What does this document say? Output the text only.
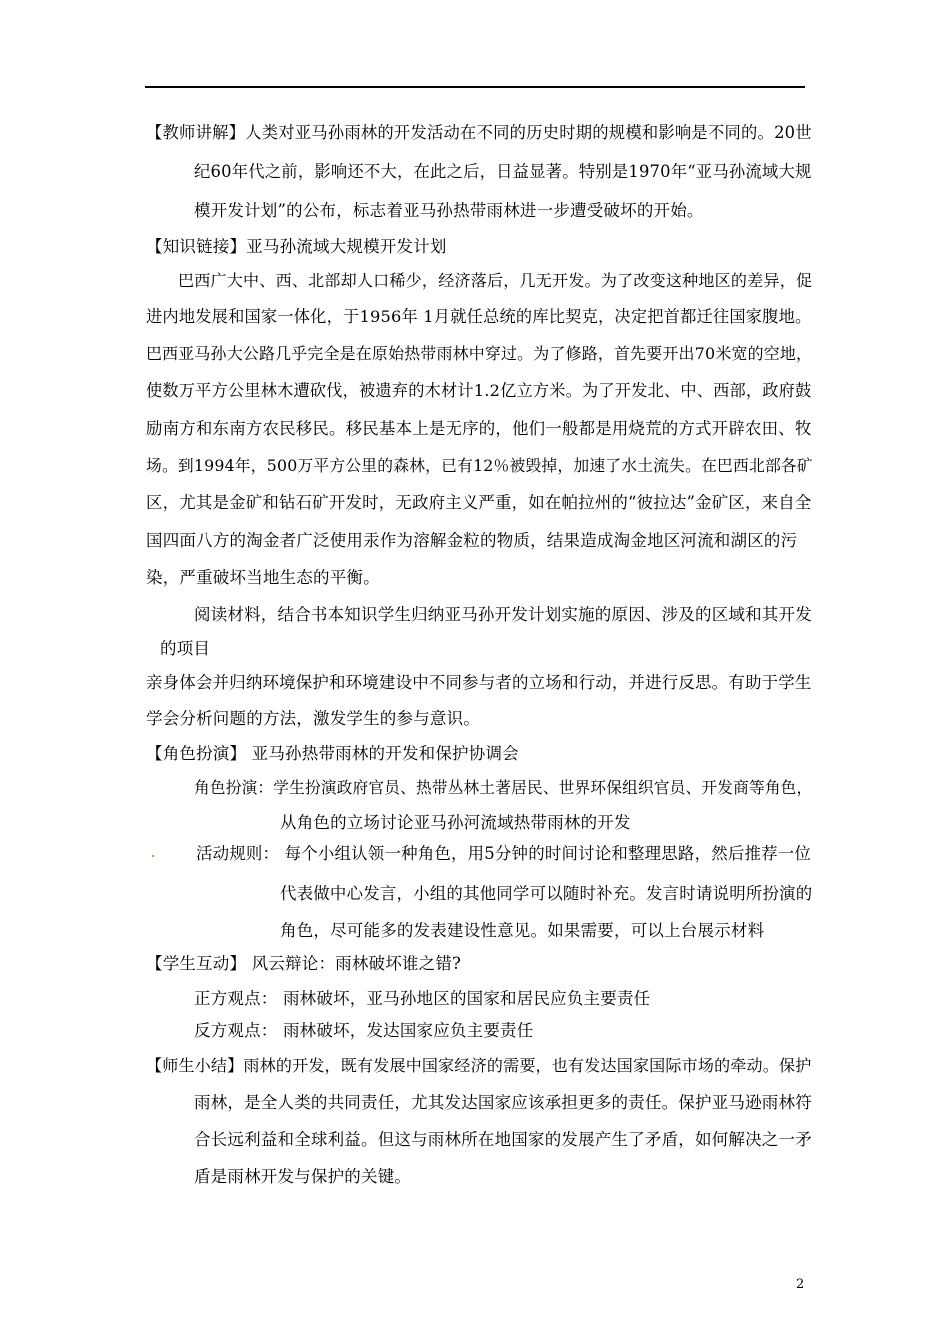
【教师讲解】人类对亚马孙雨林的开发活动在不同的历史时期的规模和影响是不同的。20世
纪60年代之前，影响还不大，在此之后，日益显著。特别是1970年“亚马孙流域大规
模开发计划”的公布，标志着亚马孙热带雨林进一步遭受破坏的开始。
【知识链接】亚马孙流域大规模开发计划
巴西广大中、西、北部却人口稀少，经济落后，几无开发。为了改变这种地区的差异，促
进内地发展和国家一体化，于1956年 1月就任总统的库比契克，决定把首都迁往国家腹地。
巴西亚马孙大公路几乎完全是在原始热带雨林中穿过。为了修路，首先要开出70米宽的空地，
使数万平方公里林木遭砍伐，被遗弃的木材计1.2亿立方米。为了开发北、中、西部，政府鼓
励南方和东南方农民移民。移民基本上是无序的，他们一般都是用烧荒的方式开辟农田、牧
场。到1994年，500万平方公里的森林，已有12％被毁掉，加速了水土流失。在巴西北部各矿
区，尤其是金矿和钻石矿开发时，无政府主义严重，如在帕拉州的“彼拉达”金矿区，来自全
国四面八方的淘金者广泛使用汞作为溶解金粒的物质，结果造成淘金地区河流和湖区的污
染，严重破坏当地生态的平衡。
阅读材料，结合书本知识学生归纳亚马孙开发计划实施的原因、涉及的区域和其开发
的项目
亲身体会并归纳环境保护和环境建设中不同参与者的立场和行动，并进行反思。有助于学生
学会分析问题的方法，激发学生的参与意识。
【角色扮演】 亚马孙热带雨林的开发和保护协调会
角色扮演：学生扮演政府官员、热带丛林土著居民、世界环保组织官员、开发商等角色，
从角色的立场讨论亚马孙河流域热带雨林的开发
活动规则： 每个小组认领一种角色，用5分钟的时间讨论和整理思路，然后推荐一位
代表做中心发言，小组的其他同学可以随时补充。发言时请说明所扮演的
角色，尽可能多的发表建设性意见。如果需要，可以上台展示材料
【学生互动】 风云辩论：雨林破坏谁之错?
正方观点： 雨林破坏，亚马孙地区的国家和居民应负主要责任
反方观点： 雨林破坏，发达国家应负主要责任
【师生小结】雨林的开发，既有发展中国家经济的需要，也有发达国家国际市场的牵动。保护
雨林，是全人类的共同责任，尤其发达国家应该承担更多的责任。保护亚马逊雨林符
合长远利益和全球利益。但这与雨林所在地国家的发展产生了矛盾，如何解决之一矛
盾是雨林开发与保护的关键。
2
